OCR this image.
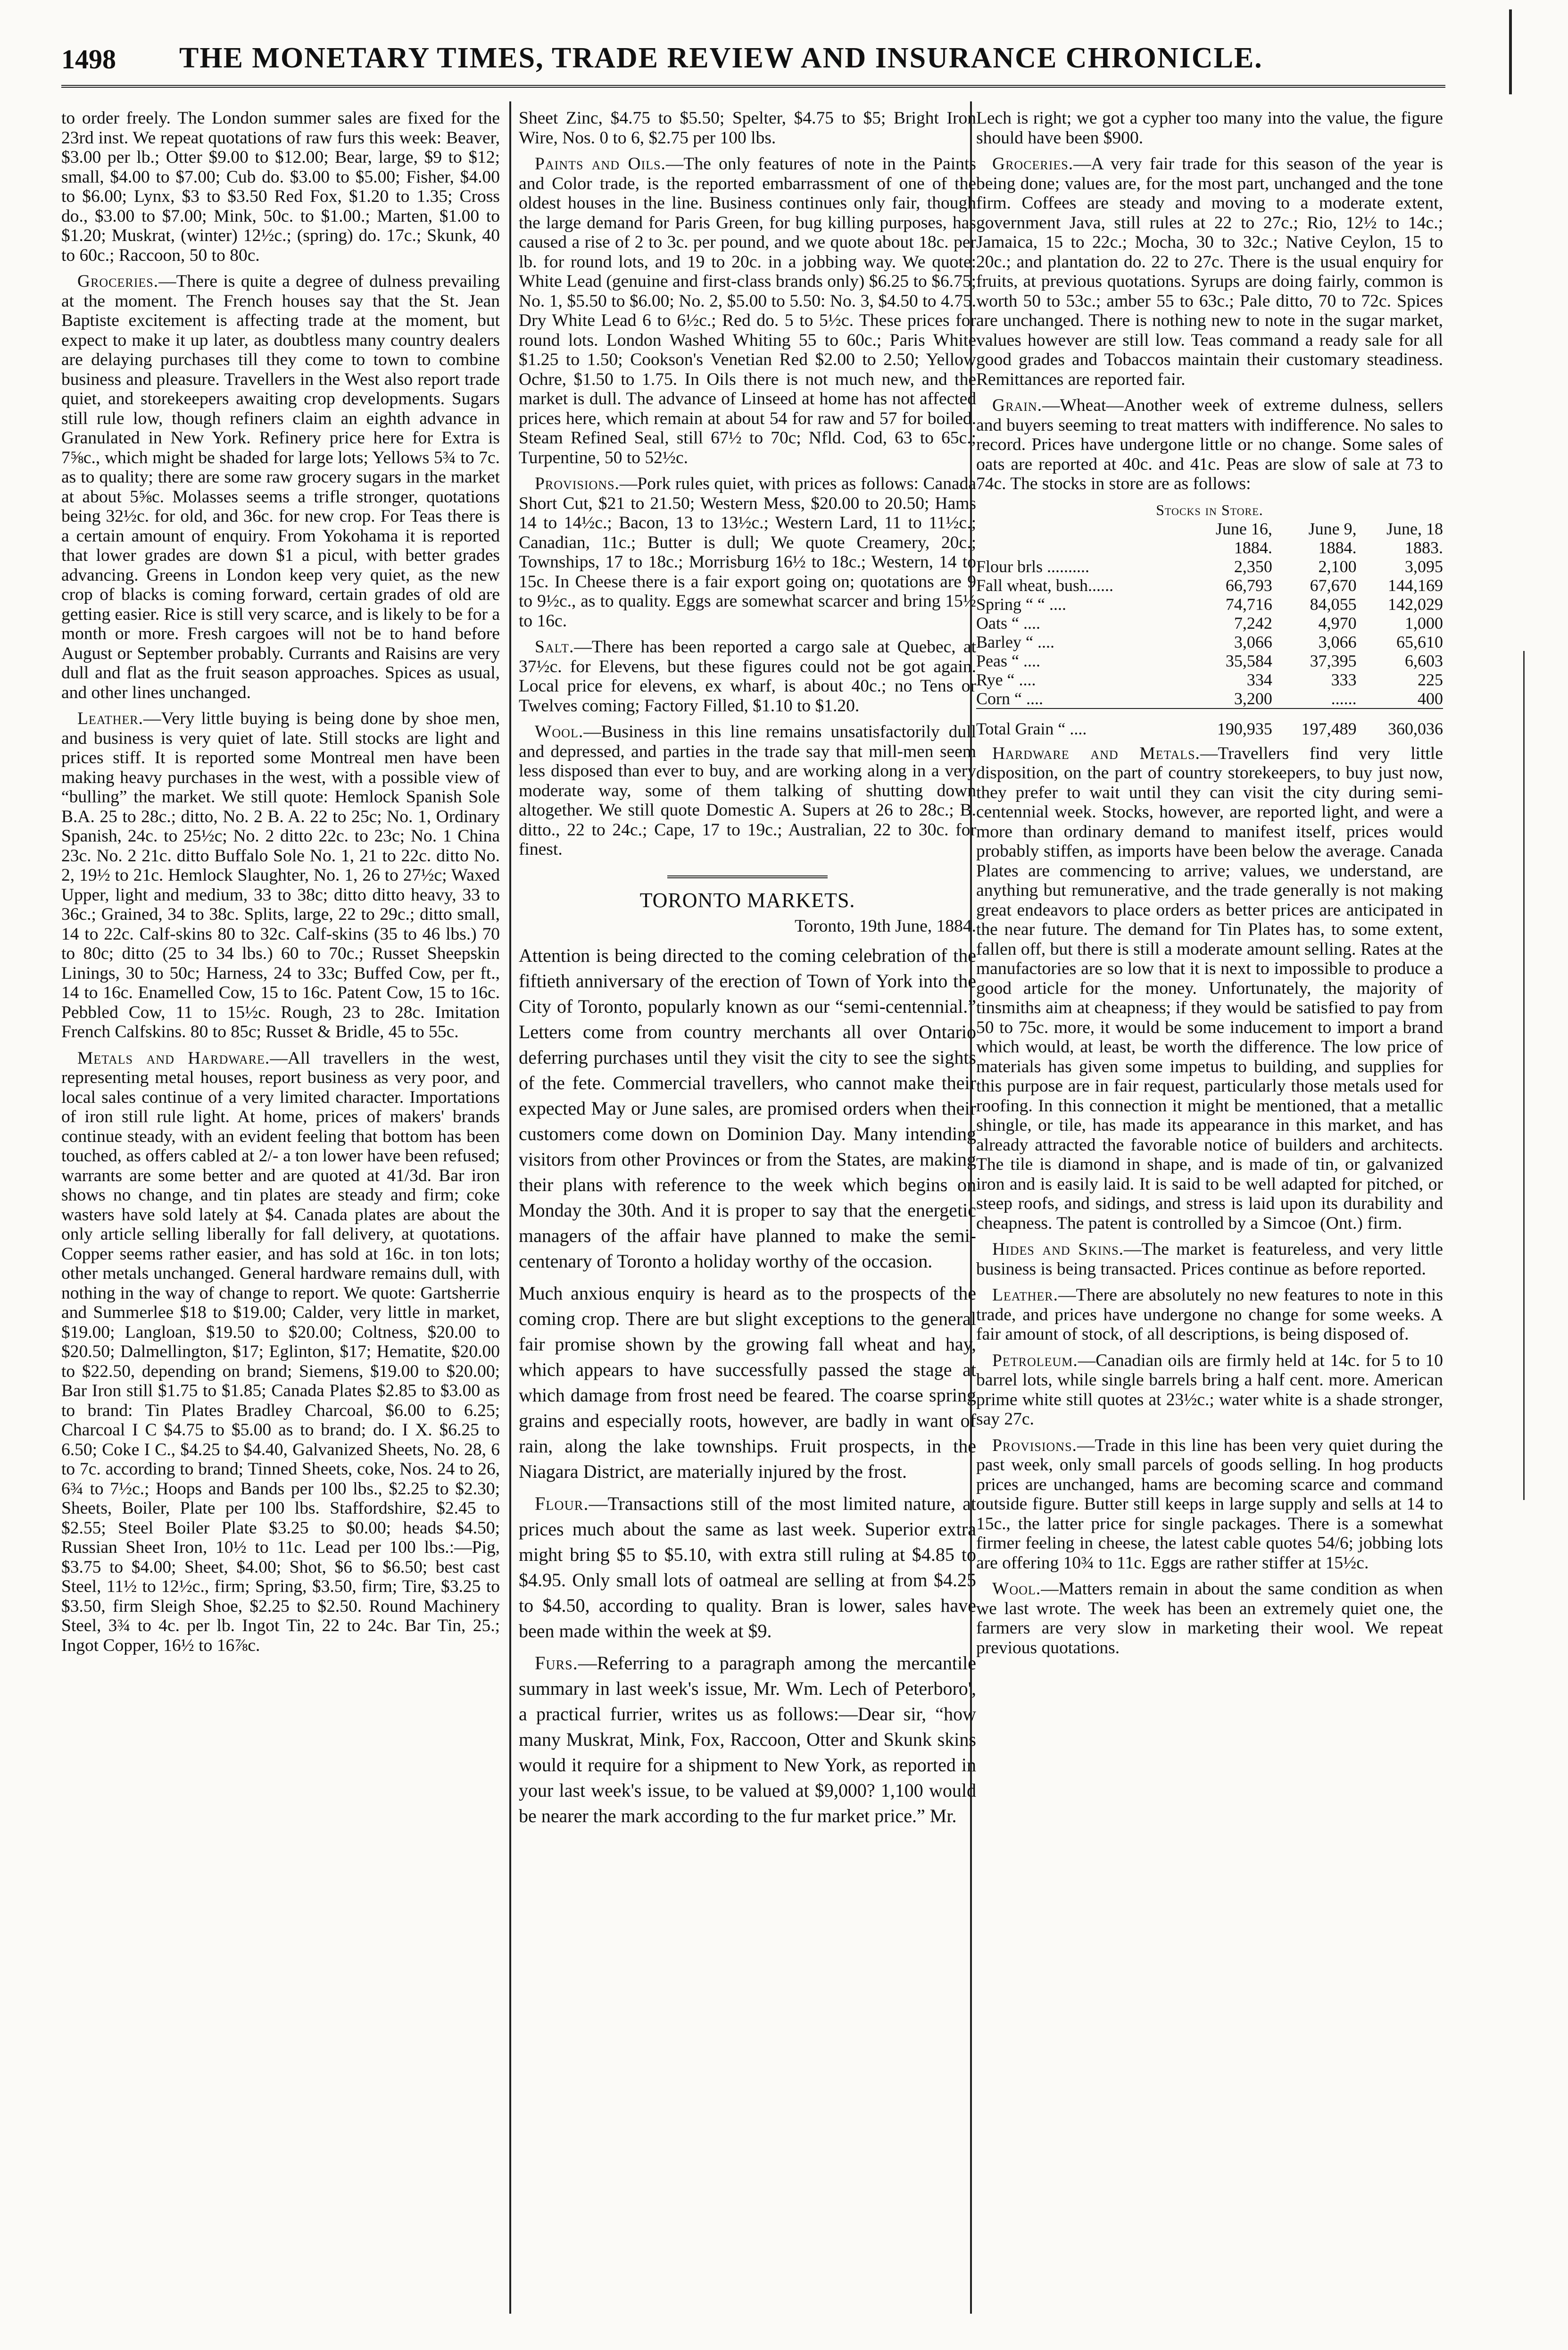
1498 THE MONETARY TIMES, TRADE REVIEW AND INSURANCE CHRONICLE.

to order freely. The London summer sales are fixed for the 23rd inst. We repeat quotations of raw furs this week: Beaver, $3.00 per lb.; Otter $9.00 to $12.00; Bear, large, $9 to $12; small, $4.00 to $7.00; Cub do. $3.00 to $5.00; Fisher, $4.00 to $6.00; Lynx, $3 to $3.50 Red Fox, $1.20 to 1.35; Cross do., $3.00 to $7.00; Mink, 50c. to $1.00.; Marten, $1.00 to $1.20; Muskrat, (winter) 12½c.; (spring) do. 17c.; Skunk, 40 to 60c.; Raccoon, 50 to 80c.

Groceries.—There is quite a degree of dulness prevailing at the moment. The French houses say that the St. Jean Baptiste excitement is affecting trade at the moment, but expect to make it up later, as doubtless many country dealers are delaying purchases till they come to town to combine business and pleasure. Travellers in the West also report trade quiet, and storekeepers awaiting crop developments. Sugars still rule low, though refiners claim an eighth advance in Granulated in New York. Refinery price here for Extra is 7⅝c., which might be shaded for large lots; Yellows 5¾ to 7c. as to quality; there are some raw grocery sugars in the market at about 5⅝c. Molasses seems a trifle stronger, quotations being 32½c. for old, and 36c. for new crop. For Teas there is a certain amount of enquiry. From Yokohama it is reported that lower grades are down $1 a picul, with better grades advancing. Greens in London keep very quiet, as the new crop of blacks is coming forward, certain grades of old are getting easier. Rice is still very scarce, and is likely to be for a month or more. Fresh cargoes will not be to hand before August or September probably. Currants and Raisins are very dull and flat as the fruit season approaches. Spices as usual, and other lines unchanged.

Leather.—Very little buying is being done by shoe men, and business is very quiet of late. Still stocks are light and prices stiff. It is reported some Montreal men have been making heavy purchases in the west, with a possible view of “bulling” the market. We still quote: Hemlock Spanish Sole B.A. 25 to 28c.; ditto, No. 2 B. A. 22 to 25c; No. 1, Ordinary Spanish, 24c. to 25½c; No. 2 ditto 22c. to 23c; No. 1 China 23c. No. 2 21c. ditto Buffalo Sole No. 1, 21 to 22c. ditto No. 2, 19½ to 21c. Hemlock Slaughter, No. 1, 26 to 27½c; Waxed Upper, light and medium, 33 to 38c; ditto ditto heavy, 33 to 36c.; Grained, 34 to 38c. Splits, large, 22 to 29c.; ditto small, 14 to 22c. Calf-skins 80 to 32c. Calf-skins (35 to 46 lbs.) 70 to 80c; ditto (25 to 34 lbs.) 60 to 70c.; Russet Sheepskin Linings, 30 to 50c; Harness, 24 to 33c; Buffed Cow, per ft., 14 to 16c. Enamelled Cow, 15 to 16c. Patent Cow, 15 to 16c. Pebbled Cow, 11 to 15½c. Rough, 23 to 28c. Imitation French Calfskins. 80 to 85c; Russet & Bridle, 45 to 55c.

Metals and Hardware.—All travellers in the west, representing metal houses, report business as very poor, and local sales continue of a very limited character. Importations of iron still rule light. At home, prices of makers' brands continue steady, with an evident feeling that bottom has been touched, as offers cabled at 2/- a ton lower have been refused; warrants are some better and are quoted at 41/3d. Bar iron shows no change, and tin plates are steady and firm; coke wasters have sold lately at $4. Canada plates are about the only article selling liberally for fall delivery, at quotations. Copper seems rather easier, and has sold at 16c. in ton lots; other metals unchanged. General hardware remains dull, with nothing in the way of change to report. We quote: Gartsherrie and Summerlee $18 to $19.00; Calder, very little in market, $19.00; Langloan, $19.50 to $20.00; Coltness, $20.00 to $20.50; Dalmellington, $17; Eglinton, $17; Hematite, $20.00 to $22.50, depending on brand; Siemens, $19.00 to $20.00; Bar Iron still $1.75 to $1.85; Canada Plates $2.85 to $3.00 as to brand: Tin Plates Bradley Charcoal, $6.00 to 6.25; Charcoal I C $4.75 to $5.00 as to brand; do. I X. $6.25 to 6.50; Coke I C., $4.25 to $4.40, Galvanized Sheets, No. 28, 6 to 7c. according to brand; Tinned Sheets, coke, Nos. 24 to 26, 6¾ to 7½c.; Hoops and Bands per 100 lbs., $2.25 to $2.30; Sheets, Boiler, Plate per 100 lbs. Staffordshire, $2.45 to $2.55; Steel Boiler Plate $3.25 to $0.00; heads $4.50; Russian Sheet Iron, 10½ to 11c. Lead per 100 lbs.:—Pig, $3.75 to $4.00; Sheet, $4.00; Shot, $6 to $6.50; best cast Steel, 11½ to 12½c., firm; Spring, $3.50, firm; Tire, $3.25 to $3.50, firm Sleigh Shoe, $2.25 to $2.50. Round Machinery Steel, 3¾ to 4c. per lb. Ingot Tin, 22 to 24c. Bar Tin, 25.; Ingot Copper, 16½ to 16⅞c.

Sheet Zinc, $4.75 to $5.50; Spelter, $4.75 to $5; Bright Iron Wire, Nos. 0 to 6, $2.75 per 100 lbs.

Paints and Oils.—The only features of note in the Paints and Color trade, is the reported embarrassment of one of the oldest houses in the line. Business continues only fair, though the large demand for Paris Green, for bug killing purposes, has caused a rise of 2 to 3c. per pound, and we quote about 18c. per lb. for round lots, and 19 to 20c. in a jobbing way. We quote: White Lead (genuine and first-class brands only) $6.25 to $6.75; No. 1, $5.50 to $6.00; No. 2, $5.00 to 5.50: No. 3, $4.50 to 4.75. Dry White Lead 6 to 6½c.; Red do. 5 to 5½c. These prices for round lots. London Washed Whiting 55 to 60c.; Paris White $1.25 to 1.50; Cookson's Venetian Red $2.00 to 2.50; Yellow Ochre, $1.50 to 1.75. In Oils there is not much new, and the market is dull. The advance of Linseed at home has not affected prices here, which remain at about 54 for raw and 57 for boiled. Steam Refined Seal, still 67½ to 70c; Nfld. Cod, 63 to 65c.; Turpentine, 50 to 52½c.

Provisions.—Pork rules quiet, with prices as follows: Canada Short Cut, $21 to 21.50; Western Mess, $20.00 to 20.50; Hams 14 to 14½c.; Bacon, 13 to 13½c.; Western Lard, 11 to 11½c.; Canadian, 11c.; Butter is dull; We quote Creamery, 20c.; Townships, 17 to 18c.; Morrisburg 16½ to 18c.; Western, 14 to 15c. In Cheese there is a fair export going on; quotations are 9 to 9½c., as to quality. Eggs are somewhat scarcer and bring 15½ to 16c.

Salt.—There has been reported a cargo sale at Quebec, at 37½c. for Elevens, but these figures could not be got again. Local price for elevens, ex wharf, is about 40c.; no Tens or Twelves coming; Factory Filled, $1.10 to $1.20.

Wool.—Business in this line remains unsatisfactorily dull and depressed, and parties in the trade say that mill-men seem less disposed than ever to buy, and are working along in a very moderate way, some of them talking of shutting down altogether. We still quote Domestic A. Supers at 26 to 28c.; B. ditto., 22 to 24c.; Cape, 17 to 19c.; Australian, 22 to 30c. for finest.

TORONTO MARKETS.
Toronto, 19th June, 1884.

Attention is being directed to the coming celebration of the fiftieth anniversary of the erection of Town of York into the City of Toronto, popularly known as our “semi-centennial.” Letters come from country merchants all over Ontario deferring purchases until they visit the city to see the sights of the fete. Commercial travellers, who cannot make their expected May or June sales, are promised orders when their customers come down on Dominion Day. Many intending visitors from other Provinces or from the States, are making their plans with reference to the week which begins on Monday the 30th. And it is proper to say that the energetic managers of the affair have planned to make the semi-centenary of Toronto a holiday worthy of the occasion.

Much anxious enquiry is heard as to the prospects of the coming crop. There are but slight exceptions to the general fair promise shown by the growing fall wheat and hay, which appears to have successfully passed the stage at which damage from frost need be feared. The coarse spring grains and especially roots, however, are badly in want of rain, along the lake townships. Fruit prospects, in the Niagara District, are materially injured by the frost.

Flour.—Transactions still of the most limited nature, at prices much about the same as last week. Superior extra might bring $5 to $5.10, with extra still ruling at $4.85 to $4.95. Only small lots of oatmeal are selling at from $4.25 to $4.50, according to quality. Bran is lower, sales have been made within the week at $9.

Furs.—Referring to a paragraph among the mercantile summary in last week's issue, Mr. Wm. Lech of Peterboro', a practical furrier, writes us as follows:—Dear sir, “how many Muskrat, Mink, Fox, Raccoon, Otter and Skunk skins would it require for a shipment to New York, as reported in your last week's issue, to be valued at $9,000? 1,100 would be nearer the mark according to the fur market price.” Mr.

Lech is right; we got a cypher too many into the value, the figure should have been $900.

Groceries.—A very fair trade for this season of the year is being done; values are, for the most part, unchanged and the tone firm. Coffees are steady and moving to a moderate extent, government Java, still rules at 22 to 27c.; Rio, 12½ to 14c.; Jamaica, 15 to 22c.; Mocha, 30 to 32c.; Native Ceylon, 15 to 20c.; and plantation do. 22 to 27c. There is the usual enquiry for fruits, at previous quotations. Syrups are doing fairly, common is worth 50 to 53c.; amber 55 to 63c.; Pale ditto, 70 to 72c. Spices are unchanged. There is nothing new to note in the sugar market, values however are still low. Teas command a ready sale for all good grades and Tobaccos maintain their customary steadiness. Remittances are reported fair.

Grain.—Wheat—Another week of extreme dulness, sellers and buyers seeming to treat matters with indifference. No sales to record. Prices have undergone little or no change. Some sales of oats are reported at 40c. and 41c. Peas are slow of sale at 73 to 74c. The stocks in store are as follows:

Stocks in Store.			
	June 16,	June 9,	June, 18
	1884.	1884.	1883.
Flour brls ..........	2,350	2,100	3,095
Fall wheat, bush......	66,793	67,670	144,169
Spring “ “ ....	74,716	84,055	142,029
Oats “ ....	7,242	4,970	1,000
Barley “ ....	3,066	3,066	65,610
Peas “ ....	35,584	37,395	6,603
Rye “ ....	334	333	225
Corn “ ....	3,200	......	400

Total Grain “ ....	190,935	197,489	360,036

Hardware and Metals.—Travellers find very little disposition, on the part of country storekeepers, to buy just now, they prefer to wait until they can visit the city during semi-centennial week. Stocks, however, are reported light, and were a more than ordinary demand to manifest itself, prices would probably stiffen, as imports have been below the average. Canada Plates are commencing to arrive; values, we understand, are anything but remunerative, and the trade generally is not making great endeavors to place orders as better prices are anticipated in the near future. The demand for Tin Plates has, to some extent, fallen off, but there is still a moderate amount selling. Rates at the manufactories are so low that it is next to impossible to produce a good article for the money. Unfortunately, the majority of tinsmiths aim at cheapness; if they would be satisfied to pay from 50 to 75c. more, it would be some inducement to import a brand which would, at least, be worth the difference. The low price of materials has given some impetus to building, and supplies for this purpose are in fair request, particularly those metals used for roofing. In this connection it might be mentioned, that a metallic shingle, or tile, has made its appearance in this market, and has already attracted the favorable notice of builders and architects. The tile is diamond in shape, and is made of tin, or galvanized iron and is easily laid. It is said to be well adapted for pitched, or steep roofs, and sidings, and stress is laid upon its durability and cheapness. The patent is controlled by a Simcoe (Ont.) firm.

Hides and Skins.—The market is featureless, and very little business is being transacted. Prices continue as before reported.

Leather.—There are absolutely no new features to note in this trade, and prices have undergone no change for some weeks. A fair amount of stock, of all descriptions, is being disposed of.

Petroleum.—Canadian oils are firmly held at 14c. for 5 to 10 barrel lots, while single barrels bring a half cent. more. American prime white still quotes at 23½c.; water white is a shade stronger, say 27c.

Provisions.—Trade in this line has been very quiet during the past week, only small parcels of goods selling. In hog products prices are unchanged, hams are becoming scarce and command outside figure. Butter still keeps in large supply and sells at 14 to 15c., the latter price for single packages. There is a somewhat firmer feeling in cheese, the latest cable quotes 54/6; jobbing lots are offering 10¾ to 11c. Eggs are rather stiffer at 15½c.

Wool.—Matters remain in about the same condition as when we last wrote. The week has been an extremely quiet one, the farmers are very slow in marketing their wool. We repeat previous quotations.
